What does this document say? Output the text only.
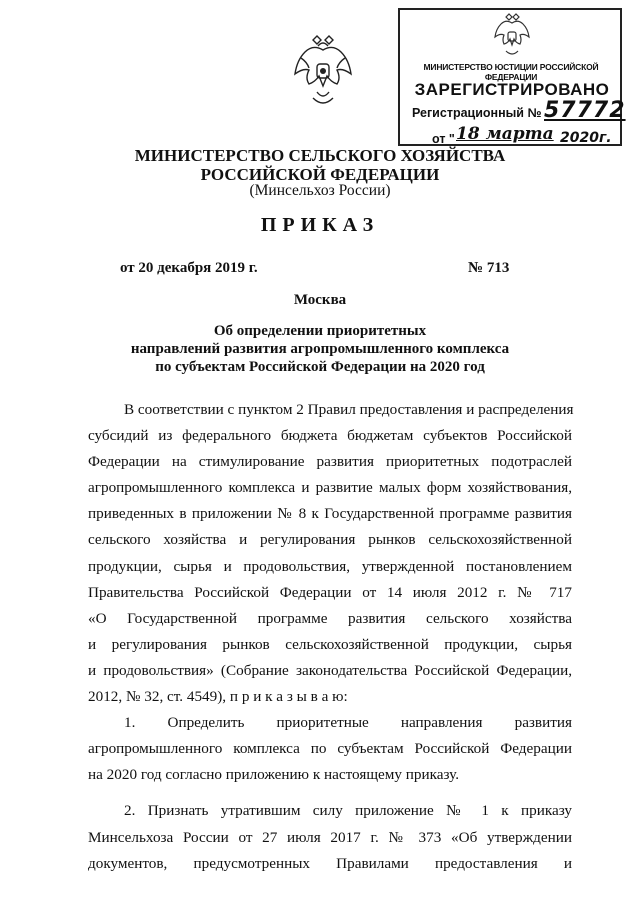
МИНИСТЕРСТВО ЮСТИЦИИ РОССИЙСКОЙ ФЕДЕРАЦИИ
ЗАРЕГИСТРИРОВАНО
Регистрационный № 57772
от " 18 марта 2020г.
МИНИСТЕРСТВО СЕЛЬСКОГО ХОЗЯЙСТВА
РОССИЙСКОЙ ФЕДЕРАЦИИ
(Минсельхоз России)
ПРИКАЗ
от 20 декабря 2019 г.	№ 713
Москва
Об определении приоритетных
направлений развития агропромышленного комплекса
по субъектам Российской Федерации на 2020 год
В соответствии с пунктом 2 Правил предоставления и распределения
субсидий из федерального бюджета бюджетам субъектов Российской
Федерации на стимулирование развития приоритетных подотраслей
агропромышленного комплекса и развитие малых форм хозяйствования,
приведенных в приложении № 8 к Государственной программе развития
сельского хозяйства и регулирования рынков сельскохозяйственной
продукции, сырья и продовольствия, утвержденной постановлением
Правительства Российской Федерации от 14 июля 2012 г. № 717
«О Государственной программе развития сельского хозяйства
и регулирования рынков сельскохозяйственной продукции, сырья
и продовольствия» (Собрание законодательства Российской Федерации,
2012, № 32, ст. 4549), п р и к а з ы в а ю:
1. Определить приоритетные направления развития
агропромышленного комплекса по субъектам Российской Федерации
на 2020 год согласно приложению к настоящему приказу.
2. Признать утратившим силу приложение № 1 к приказу
Минсельхоза России от 27 июля 2017 г. № 373 «Об утверждении
документов, предусмотренных Правилами предоставления и
